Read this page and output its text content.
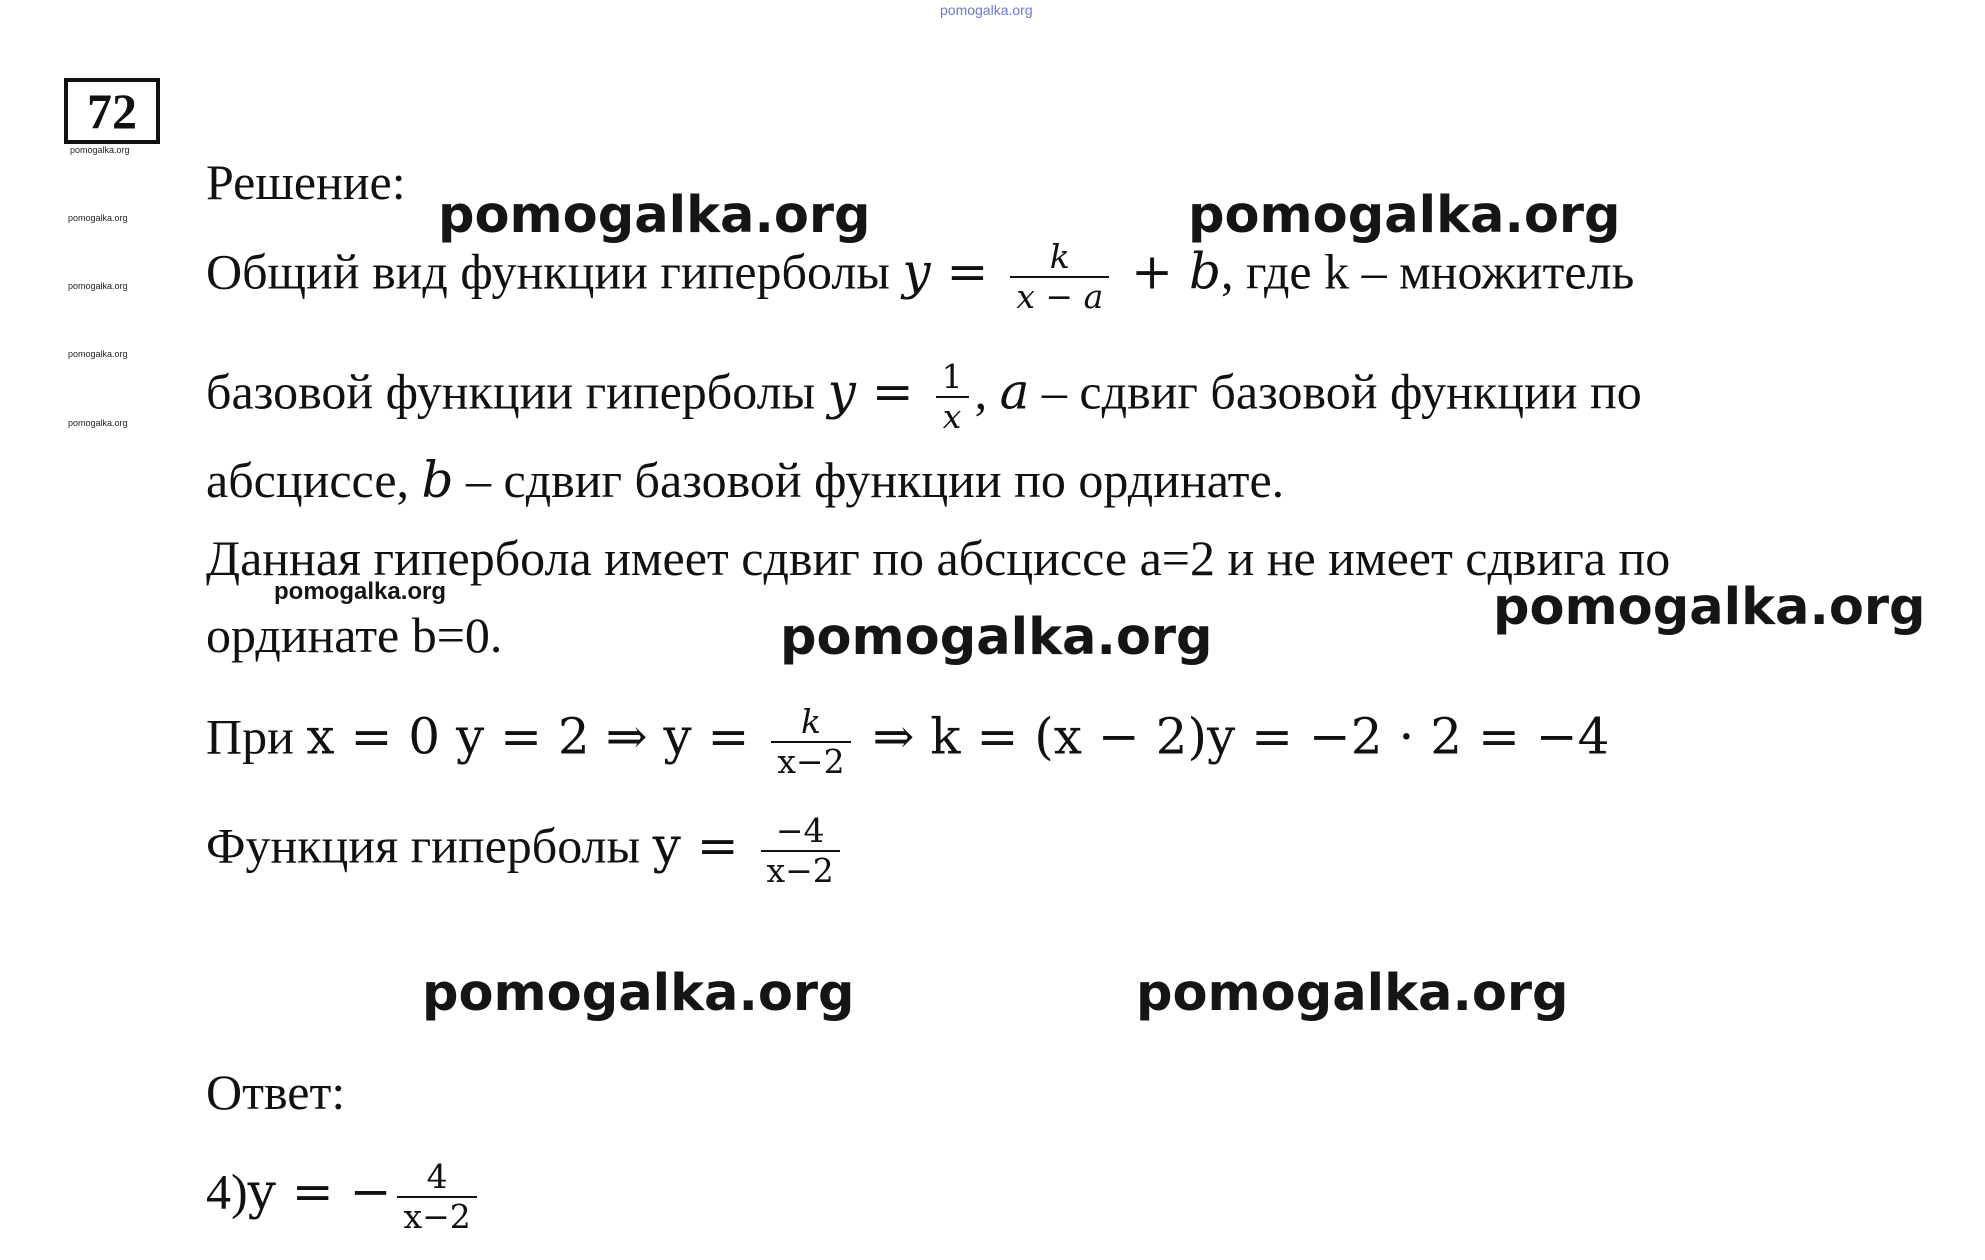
pomogalka.org
72
pomogalka.org
pomogalka.org
pomogalka.org
pomogalka.org
pomogalka.org
Решение:
Общий вид функции гиперболы $y = \frac{k}{x - a} + b$, где k – множитель
базовой функции гиперболы $y = \frac{1}{x}$ , a – сдвиг базовой функции по
абсциссе, b – сдвиг базовой функции по ординате.
Данная гипербола имеет сдвиг по абсциссе а=2 и не имеет сдвига по
ординате b=0.
При x = 0 y = 2 ⇒ $y = \frac{k}{x-2}$ ⇒ k = (x − 2)y = −2 · 2 = −4
Функция гиперболы $y = \frac{-4}{x-2}$
Ответ:
4)y = − $\frac{4}{x-2}$
pomogalka.org	pomogalka.org
pomogalka.org
pomogalka.org
pomogalka.org	pomogalka.org
pomogalka.org
